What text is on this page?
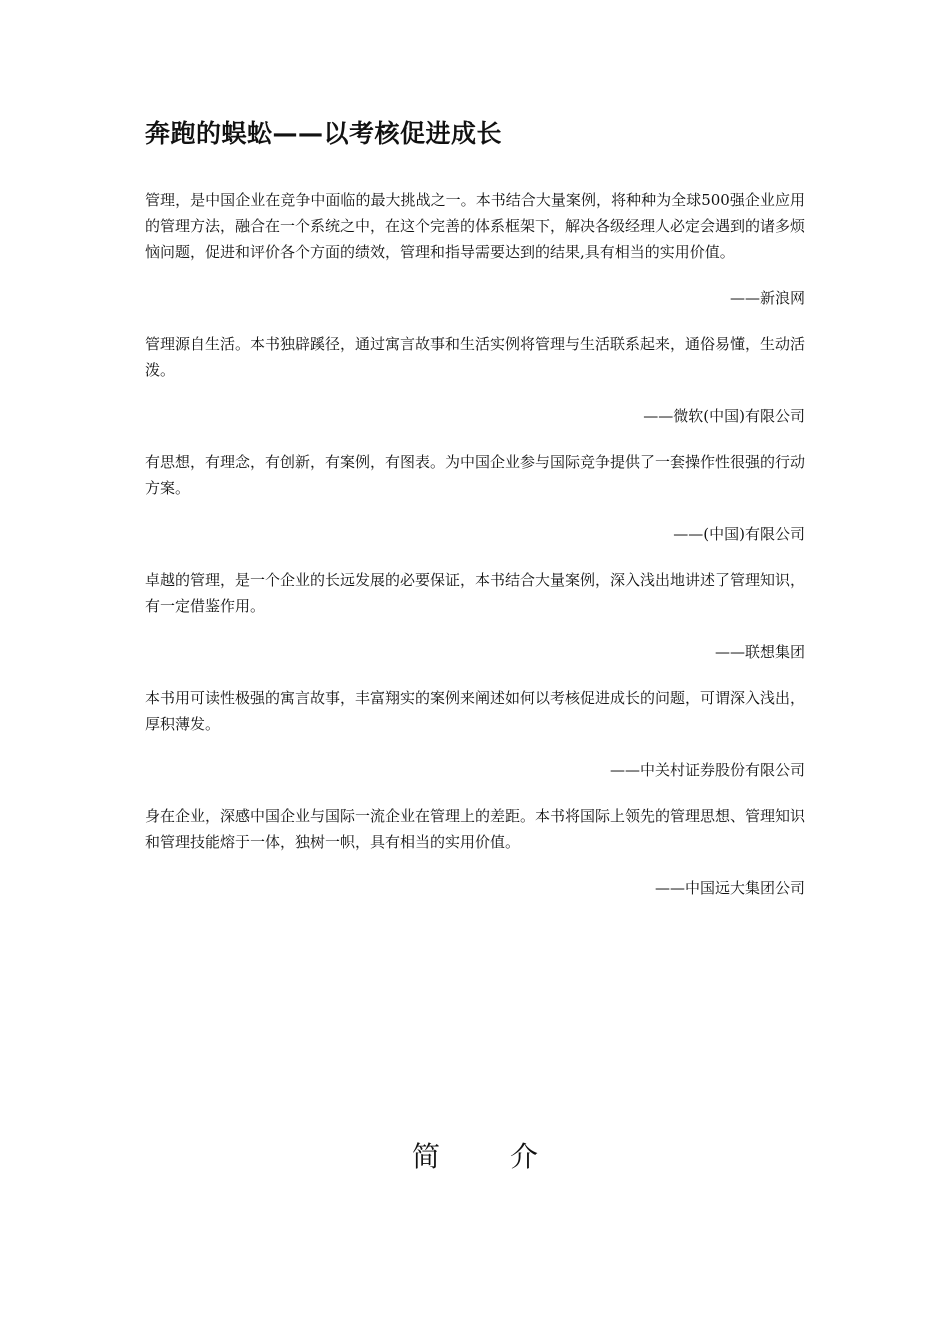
奔跑的蜈蚣——以考核促进成长

管理，是中国企业在竞争中面临的最大挑战之一。本书结合大量案例，将种种为全球500强企业应用的管理方法，融合在一个系统之中，在这个完善的体系框架下，解决各级经理人必定会遇到的诸多烦恼问题，促进和评价各个方面的绩效，管理和指导需要达到的结果,具有相当的实用价值。

——新浪网

管理源自生活。本书独辟蹊径，通过寓言故事和生活实例将管理与生活联系起来，通俗易懂，生动活泼。

——微软(中国)有限公司

有思想，有理念，有创新，有案例，有图表。为中国企业参与国际竞争提供了一套操作性很强的行动方案。

——(中国)有限公司

卓越的管理，是一个企业的长远发展的必要保证，本书结合大量案例，深入浅出地讲述了管理知识，有一定借鉴作用。

——联想集团

本书用可读性极强的寓言故事，丰富翔实的案例来阐述如何以考核促进成长的问题，可谓深入浅出，厚积薄发。

——中关村证券股份有限公司

身在企业，深感中国企业与国际一流企业在管理上的差距。本书将国际上领先的管理思想、管理知识和管理技能熔于一体，独树一帜，具有相当的实用价值。

——中国远大集团公司

简	介
